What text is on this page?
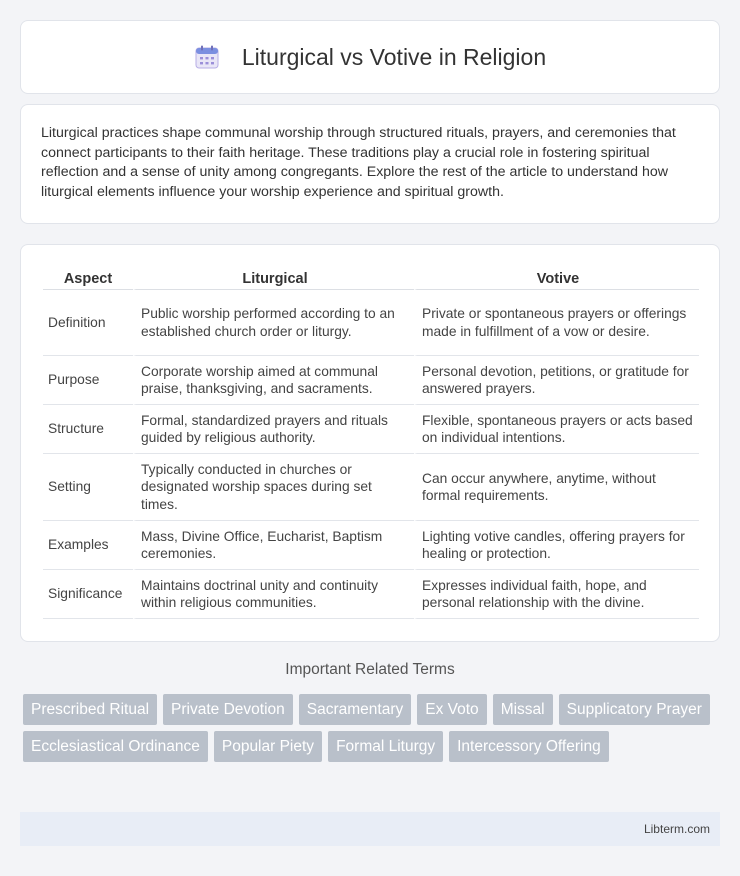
Liturgical vs Votive in Religion

Liturgical practices shape communal worship through structured rituals, prayers, and ceremonies that connect participants to their faith heritage. These traditions play a crucial role in fostering spiritual reflection and a sense of unity among congregants. Explore the rest of the article to understand how liturgical elements influence your worship experience and spiritual growth.

Aspect	Liturgical	Votive
Definition	Public worship performed according to an established church order or liturgy.	Private or spontaneous prayers or offerings made in fulfillment of a vow or desire.
Purpose	Corporate worship aimed at communal praise, thanksgiving, and sacraments.	Personal devotion, petitions, or gratitude for answered prayers.
Structure	Formal, standardized prayers and rituals guided by religious authority.	Flexible, spontaneous prayers or acts based on individual intentions.
Setting	Typically conducted in churches or designated worship spaces during set times.	Can occur anywhere, anytime, without formal requirements.
Examples	Mass, Divine Office, Eucharist, Baptism ceremonies.	Lighting votive candles, offering prayers for healing or protection.
Significance	Maintains doctrinal unity and continuity within religious communities.	Expresses individual faith, hope, and personal relationship with the divine.
Important Related Terms
Prescribed Ritual	Private Devotion	Sacramentary	Ex Voto	Missal	Supplicatory Prayer
Ecclesiastical Ordinance	Popular Piety	Formal Liturgy	Intercessory Offering
Libterm.com
